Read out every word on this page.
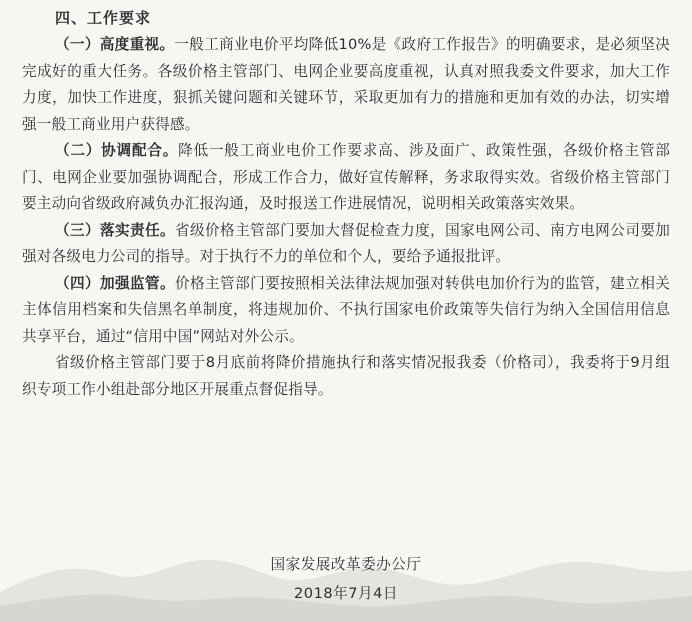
四、工作要求

（一）高度重视。一般工商业电价平均降低10%是《政府工作报告》的明确要求，是必须坚决完成好的重大任务。各级价格主管部门、电网企业要高度重视，认真对照我委文件要求，加大工作力度，加快工作进度，狠抓关键问题和关键环节，采取更加有力的措施和更加有效的办法，切实增强一般工商业用户获得感。

（二）协调配合。降低一般工商业电价工作要求高、涉及面广、政策性强，各级价格主管部门、电网企业要加强协调配合，形成工作合力，做好宣传解释，务求取得实效。省级价格主管部门要主动向省级政府减负办汇报沟通，及时报送工作进展情况，说明相关政策落实效果。

（三）落实责任。省级价格主管部门要加大督促检查力度，国家电网公司、南方电网公司要加强对各级电力公司的指导。对于执行不力的单位和个人，要给予通报批评。

（四）加强监管。价格主管部门要按照相关法律法规加强对转供电加价行为的监管，建立相关主体信用档案和失信黑名单制度，将违规加价、不执行国家电价政策等失信行为纳入全国信用信息共享平台，通过“信用中国”网站对外公示。

省级价格主管部门要于8月底前将降价措施执行和落实情况报我委（价格司），我委将于9月组织专项工作小组赴部分地区开展重点督促指导。

国家发展改革委办公厅
2018年7月4日
